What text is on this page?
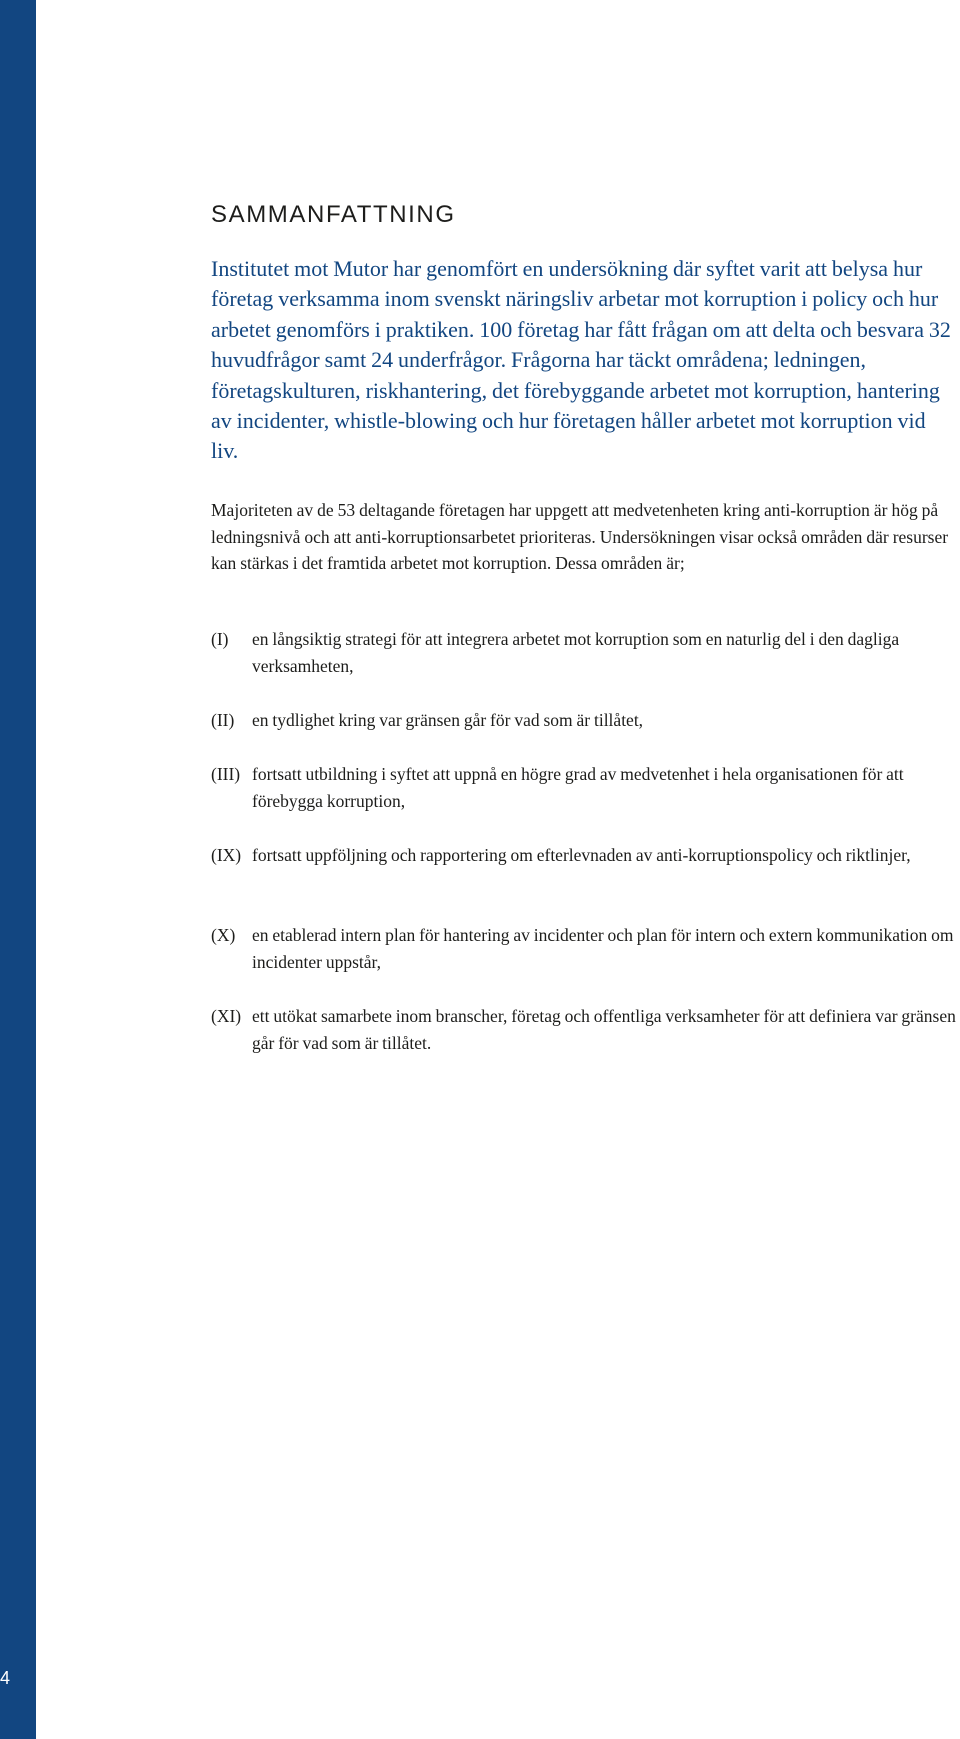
4
SAMMANFATTNING

Institutet mot Mutor har genomfört en undersökning där syftet varit att belysa hur företag verksamma inom svenskt näringsliv arbetar mot korruption i policy och hur arbetet genomförs i praktiken. 100 företag har fått frågan om att delta och besvara 32 huvudfrågor samt 24 underfrågor. Frågorna har täckt områdena; ledningen, företagskulturen, riskhantering, det förebyggande arbetet mot korruption, hantering av incidenter, whistle-blowing och hur företagen håller arbetet mot korruption vid liv.

Majoriteten av de 53 deltagande företagen har uppgett att medvetenheten kring anti-korruption är hög på ledningsnivå och att anti-korruptionsarbetet prioriteras. Undersökningen visar också områden där resurser kan stärkas i det framtida arbetet mot korruption. Dessa områden är;

(I)	en långsiktig strategi för att integrera arbetet mot korruption som en naturlig del i den dagliga verksamheten,
(II)	en tydlighet kring var gränsen går för vad som är tillåtet,
(III) fortsatt utbildning i syftet att uppnå en högre grad av medvetenhet i hela organisationen för att förebygga korruption,
(IX) fortsatt uppföljning och rapportering om efterlevnaden av anti-korruptionspolicy och riktlinjer,
(X) en etablerad intern plan för hantering av incidenter och plan för intern och extern kommunikation om incidenter uppstår,
(XI) ett utökat samarbete inom branscher, företag och offentliga verksamheter för att definiera var gränsen går för vad som är tillåtet.
